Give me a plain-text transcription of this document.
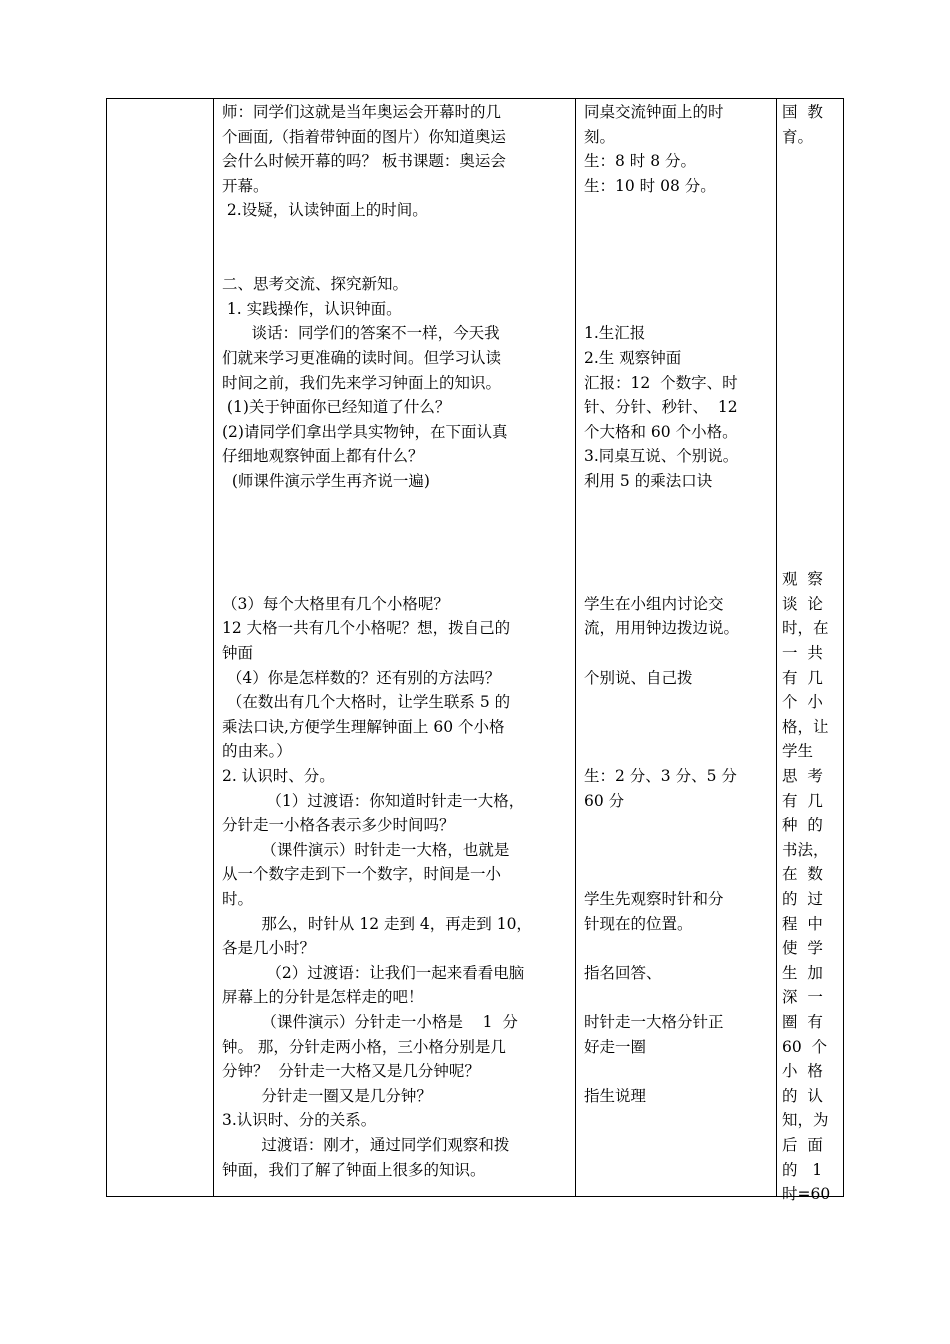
师：同学们这就是当年奥运会开幕时的几
个画面,（指着带钟面的图片）你知道奥运
会什么时候开幕的吗？ 板书课题：奥运会
开幕。
2.设疑，认读钟面上的时间。
二、思考交流、探究新知。
1. 实践操作，认识钟面。
谈话：同学们的答案不一样，今天我
们就来学习更准确的读时间。但学习认读
时间之前，我们先来学习钟面上的知识。
(1)关于钟面你已经知道了什么？
(2)请同学们拿出学具实物钟，在下面认真
仔细地观察钟面上都有什么？
(师课件演示学生再齐说一遍)
（3）每个大格里有几个小格呢？
12 大格一共有几个小格呢？想，拨自己的
钟面
（4）你是怎样数的？还有别的方法吗？
（在数出有几个大格时，让学生联系 5 的
乘法口诀,方便学生理解钟面上 60 个小格
的由来。）
2. 认识时、分。
（1）过渡语：你知道时针走一大格，
分针走一小格各表示多少时间吗？
（课件演示）时针走一大格，也就是
从一个数字走到下一个数字，时间是一小
时。
那么，时针从 12 走到 4，再走到 10，
各是几小时？
（2）过渡语：让我们一起来看看电脑
屏幕上的分针是怎样走的吧！
（课件演示）分针走一小格是    1  分
钟。 那，分针走两小格，三小格分别是几
分钟？  分针走一大格又是几分钟呢？
分针走一圈又是几分钟？
3.认识时、分的关系。
过渡语：刚才，通过同学们观察和拨
钟面，我们了解了钟面上很多的知识。
同桌交流钟面上的时
刻。
生：8 时 8 分。
生：10 时 08 分。
1.生汇报
2.生 观察钟面
汇报：12  个数字、时
针、分针、秒针、  12
个大格和 60 个小格。
3.同桌互说、个别说。
利用 5 的乘法口诀
学生在小组内讨论交
流，用用钟边拨边说。
个别说、自己拨
生：2 分、3 分、5 分
60 分
学生先观察时针和分
针现在的位置。
指名回答、
时针走一大格分针正
好走一圈
指生说理
国  教
育。
观  察
谈  论
时，在
一  共
有  几
个  小
格，让
学生
思  考
有  几
种  的
书法，
在  数
的  过
程  中
使  学
生  加
深  一
圈  有
60  个
小  格
的  认
知，为
后  面
的   1
时=60
